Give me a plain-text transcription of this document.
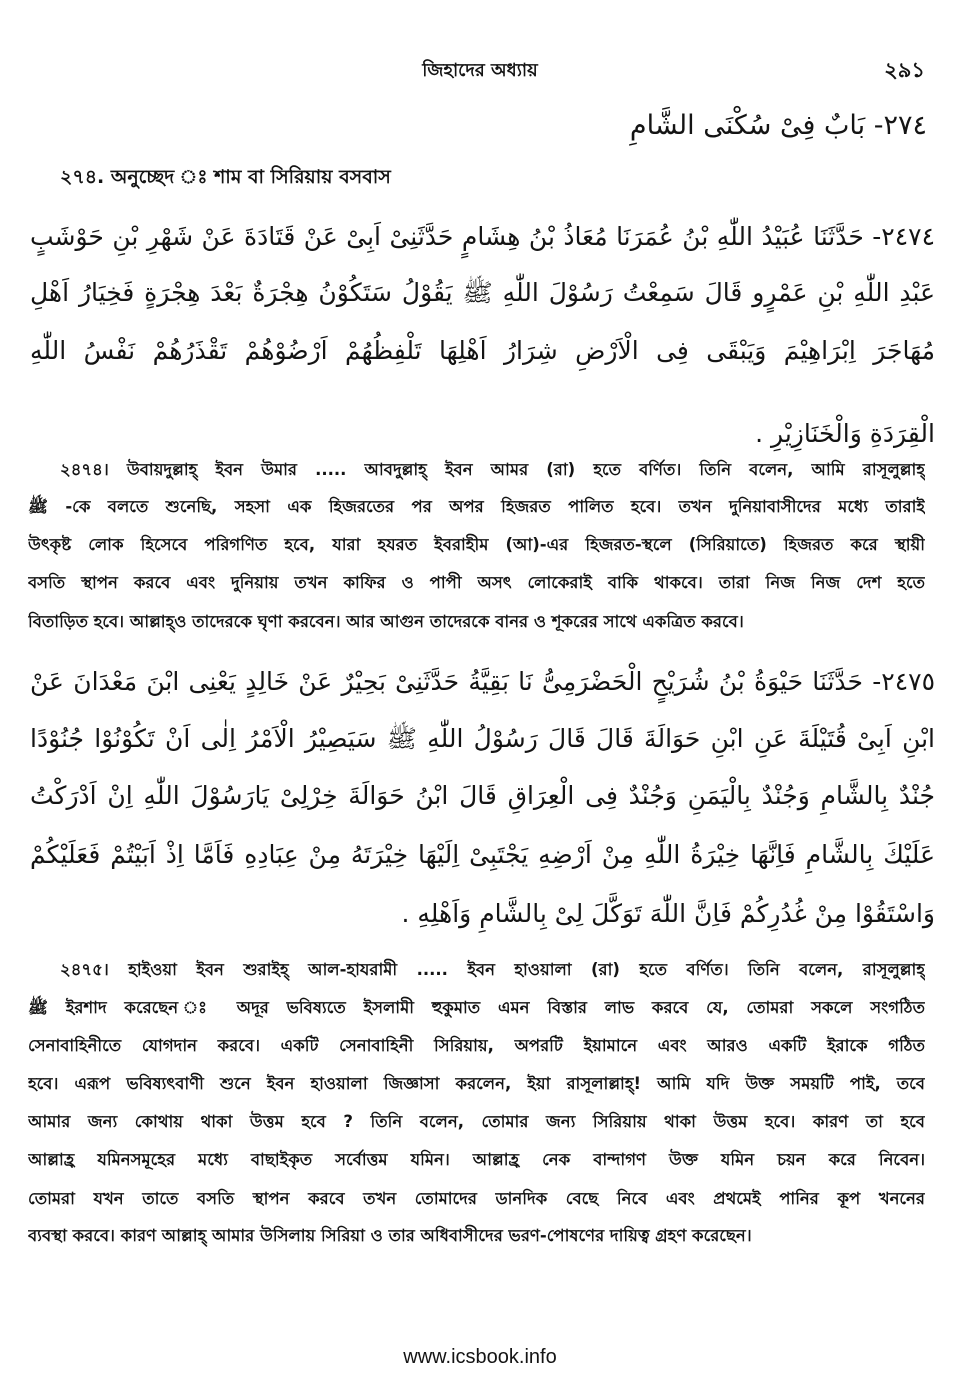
জিহাদের অধ্যায়	২৯১
٢٧٤- بَابٌ فِىْ سُكْنَى الشَّامِ
২৭৪. অনুচ্ছেদ ঃ শাম বা সিরিয়ায় বসবাস
٢٤٧٤- حَدَّثَنَا عُبَيْدُ اللّٰهِ بْنُ عُمَرَنَا مُعَاذُ بْنُ هِشَامٍ حَدَّثَنِىْ اَبِىْ عَنْ قَتَادَةَ عَنْ شَهْرِ بْنِ حَوْشَبٍ
عَبْدِ اللّٰهِ بْنِ عَمْرٍو قَالَ سَمِعْتُ رَسُوْلَ اللّٰهِ ﷺ يَقُوْلُ سَتَكُوْنُ هِجْرَةٌ بَعْدَ هِجْرَةٍ فَخِيَارُ اَهْلِ
مُهَاجَرَ اِبْرَاهِيْمَ وَيَبْقَى فِى الْاَرْضِ شِرَارُ اَهْلِهَا تَلْفِظُهُمْ اَرْضُوْهُمْ تَقْذَرُهُمْ نَفْسُ اللّٰهِ
الْقِرَدَةِ وَالْخَنَازِيْرِ .
২৪৭৪। উবায়দুল্লাহ্ ইবন উমার ..... আবদুল্লাহ্ ইবন আমর (রা) হতে বর্ণিত। তিনি বলেন, আমি রাসূলুল্লাহ্
ﷺ -কে বলতে শুনেছি, সহসা এক হিজরতের পর অপর হিজরত পালিত হবে। তখন দুনিয়াবাসীদের মধ্যে তারাই
উৎকৃষ্ট লোক হিসেবে পরিগণিত হবে, যারা হযরত ইবরাহীম (আ)-এর হিজরত-স্থলে (সিরিয়াতে) হিজরত করে স্থায়ী
বসতি স্থাপন করবে এবং দুনিয়ায় তখন কাফির ও পাপী অসৎ লোকেরাই বাকি থাকবে। তারা নিজ নিজ দেশ হতে
বিতাড়িত হবে। আল্লাহ্ও তাদেরকে ঘৃণা করবেন। আর আগুন তাদেরকে বানর ও শূকরের সাথে একত্রিত করবে।
٢٤٧٥- حَدَّثَنَا حَيْوَةُ بْنُ شُرَيْحٍ الْحَضْرَمِىُّ نَا بَقِيَّةُ حَدَّثَنِىْ بَحِيْرٌ عَنْ خَالِدٍ يَعْنِى ابْنَ مَعْدَانَ عَنْ
ابْنِ اَبِىْ قُتَيْلَةَ عَنِ ابْنِ حَوَالَةَ قَالَ قَالَ رَسُوْلُ اللّٰهِ ﷺ سَيَصِيْرُ الْاَمْرُ اِلٰى اَنْ تَكُوْنُوْا جُنُوْدًا
جُنْدٌ بِالشَّامِ وَجُنْدٌ بِالْيَمَنِ وَجُنْدٌ فِى الْعِرَاقِ قَالَ ابْنُ حَوَالَةَ خِرْلِىْ يَارَسُوْلَ اللّٰهِ اِنْ اَدْرَكْتُ
عَلَيْكَ بِالشَّامِ فَاِنَّهَا خِيْرَةُ اللّٰهِ مِنْ اَرْضِهِ يَجْتَبِىْ اِلَيْهَا خِيْرَتَهُ مِنْ عِبَادِهِ فَاَمَّا اِذْ اَبَيْتُمْ فَعَلَيْكُمْ
وَاسْتَقُوْا مِنْ غُدُرِكُمْ فَاِنَّ اللّٰهَ تَوَكَّلَ لِىْ بِالشَّامِ وَاَهْلِهِ .
২৪৭৫। হাইওয়া ইবন শুরাইহ্ আল-হাযরামী ..... ইবন হাওয়ালা (রা) হতে বর্ণিত। তিনি বলেন, রাসূলুল্লাহ্
ﷺ ইরশাদ করেছেন ঃ অদূর ভবিষ্যতে ইসলামী হুকুমাত এমন বিস্তার লাভ করবে যে, তোমরা সকলে সংগঠিত
সেনাবাহিনীতে যোগদান করবে। একটি সেনাবাহিনী সিরিয়ায়, অপরটি ইয়ামানে এবং আরও একটি ইরাকে গঠিত
হবে। এরূপ ভবিষ্যৎবাণী শুনে ইবন হাওয়ালা জিজ্ঞাসা করলেন, ইয়া রাসূলাল্লাহ্! আমি যদি উক্ত সময়টি পাই, তবে
আমার জন্য কোথায় থাকা উত্তম হবে ? তিনি বলেন, তোমার জন্য সিরিয়ায় থাকা উত্তম হবে। কারণ তা হবে
আল্লাহ্র যমিনসমূহের মধ্যে বাছাইকৃত সর্বোত্তম যমিন। আল্লাহ্র নেক বান্দাগণ উক্ত যমিন চয়ন করে নিবেন।
তোমরা যখন তাতে বসতি স্থাপন করবে তখন তোমাদের ডানদিক বেছে নিবে এবং প্রথমেই পানির কূপ খননের
ব্যবস্থা করবে। কারণ আল্লাহ্ আমার উসিলায় সিরিয়া ও তার অধিবাসীদের ভরণ-পোষণের দায়িত্ব গ্রহণ করেছেন।
www.icsbook.info
